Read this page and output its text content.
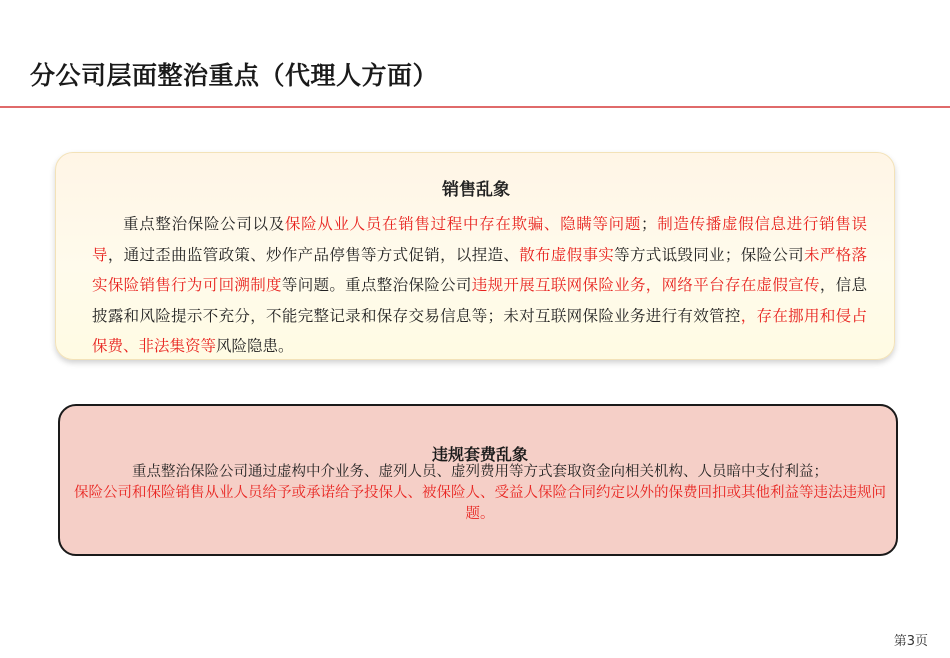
分公司层面整治重点（代理人方面）
销售乱象
重点整治保险公司以及保险从业人员在销售过程中存在欺骗、隐瞒等问题；制造传播虚假信息进行销售误导，通过歪曲监管政策、炒作产品停售等方式促销，以捏造、散布虚假事实等方式诋毁同业；保险公司未严格落实保险销售行为可回溯制度等问题。重点整治保险公司违规开展互联网保险业务，网络平台存在虚假宣传，信息披露和风险提示不充分，不能完整记录和保存交易信息等；未对互联网保险业务进行有效管控，存在挪用和侵占保费、非法集资等风险隐患。
违规套费乱象
重点整治保险公司通过虚构中介业务、虚列人员、虚列费用等方式套取资金向相关机构、人员暗中支付利益；
保险公司和保险销售从业人员给予或承诺给予投保人、被保险人、受益人保险合同约定以外的保费回扣或其他利益等违法违规问题。
第3页
